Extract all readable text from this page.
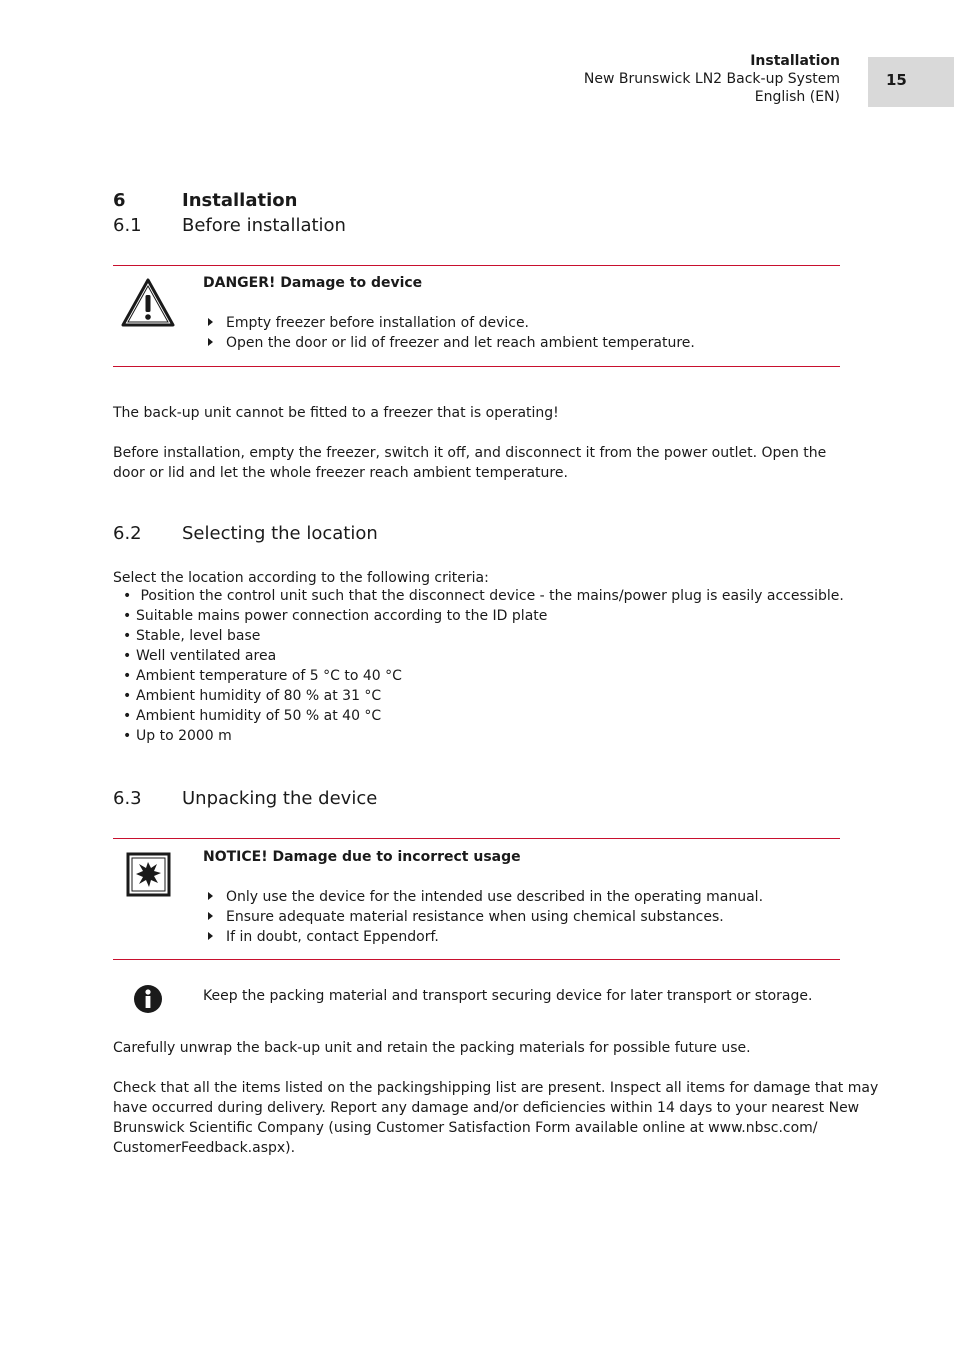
Installation
New Brunswick LN2 Back-up System
English (EN)
15
6	Installation
6.1 Before installation
DANGER! Damage to device
Empty freezer before installation of device.
Open the door or lid of freezer and let reach ambient temperature.
The back-up unit cannot be fitted to a freezer that is operating!
Before installation, empty the freezer, switch it off, and disconnect it from the power outlet. Open the door or lid and let the whole freezer reach ambient temperature.
6.2 Selecting the location
Select the location according to the following criteria:
• Position the control unit such that the disconnect device - the mains/power plug is easily accessible.
• Suitable mains power connection according to the ID plate
• Stable, level base
• Well ventilated area
• Ambient temperature of 5 °C to 40 °C
• Ambient humidity of 80 % at 31 °C
• Ambient humidity of 50 % at 40 °C
• Up to 2000 m
6.3 Unpacking the device
NOTICE! Damage due to incorrect usage
Only use the device for the intended use described in the operating manual.
Ensure adequate material resistance when using chemical substances.
If in doubt, contact Eppendorf.
Keep the packing material and transport securing device for later transport or storage.
Carefully unwrap the back-up unit and retain the packing materials for possible future use.
Check that all the items listed on the packingshipping list are present. Inspect all items for damage that may
have occurred during delivery. Report any damage and/or deficiencies within 14 days to your nearest New
Brunswick Scientific Company (using Customer Satisfaction Form available online at www.nbsc.com/
CustomerFeedback.aspx).
